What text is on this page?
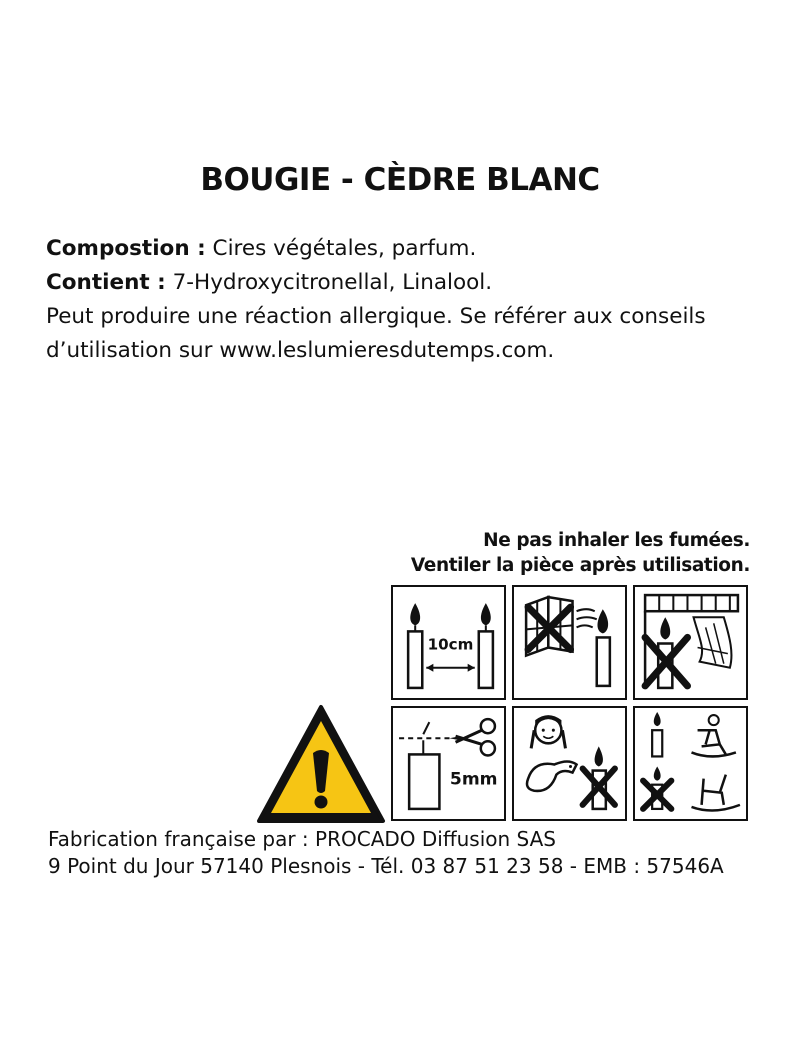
BOUGIE - CÈDRE BLANC
Compostion : Cires végétales, parfum.
Contient : 7-Hydroxycitronellal, Linalool.
Peut produire une réaction allergique. Se référer aux conseils
d’utilisation sur www.leslumieresdutemps.com.
Ne pas inhaler les fumées.
Ventiler la pièce après utilisation.
10cm
5mm
Fabrication française par : PROCADO Diffusion SAS
9 Point du Jour 57140 Plesnois - Tél. 03 87 51 23 58 - EMB : 57546A
